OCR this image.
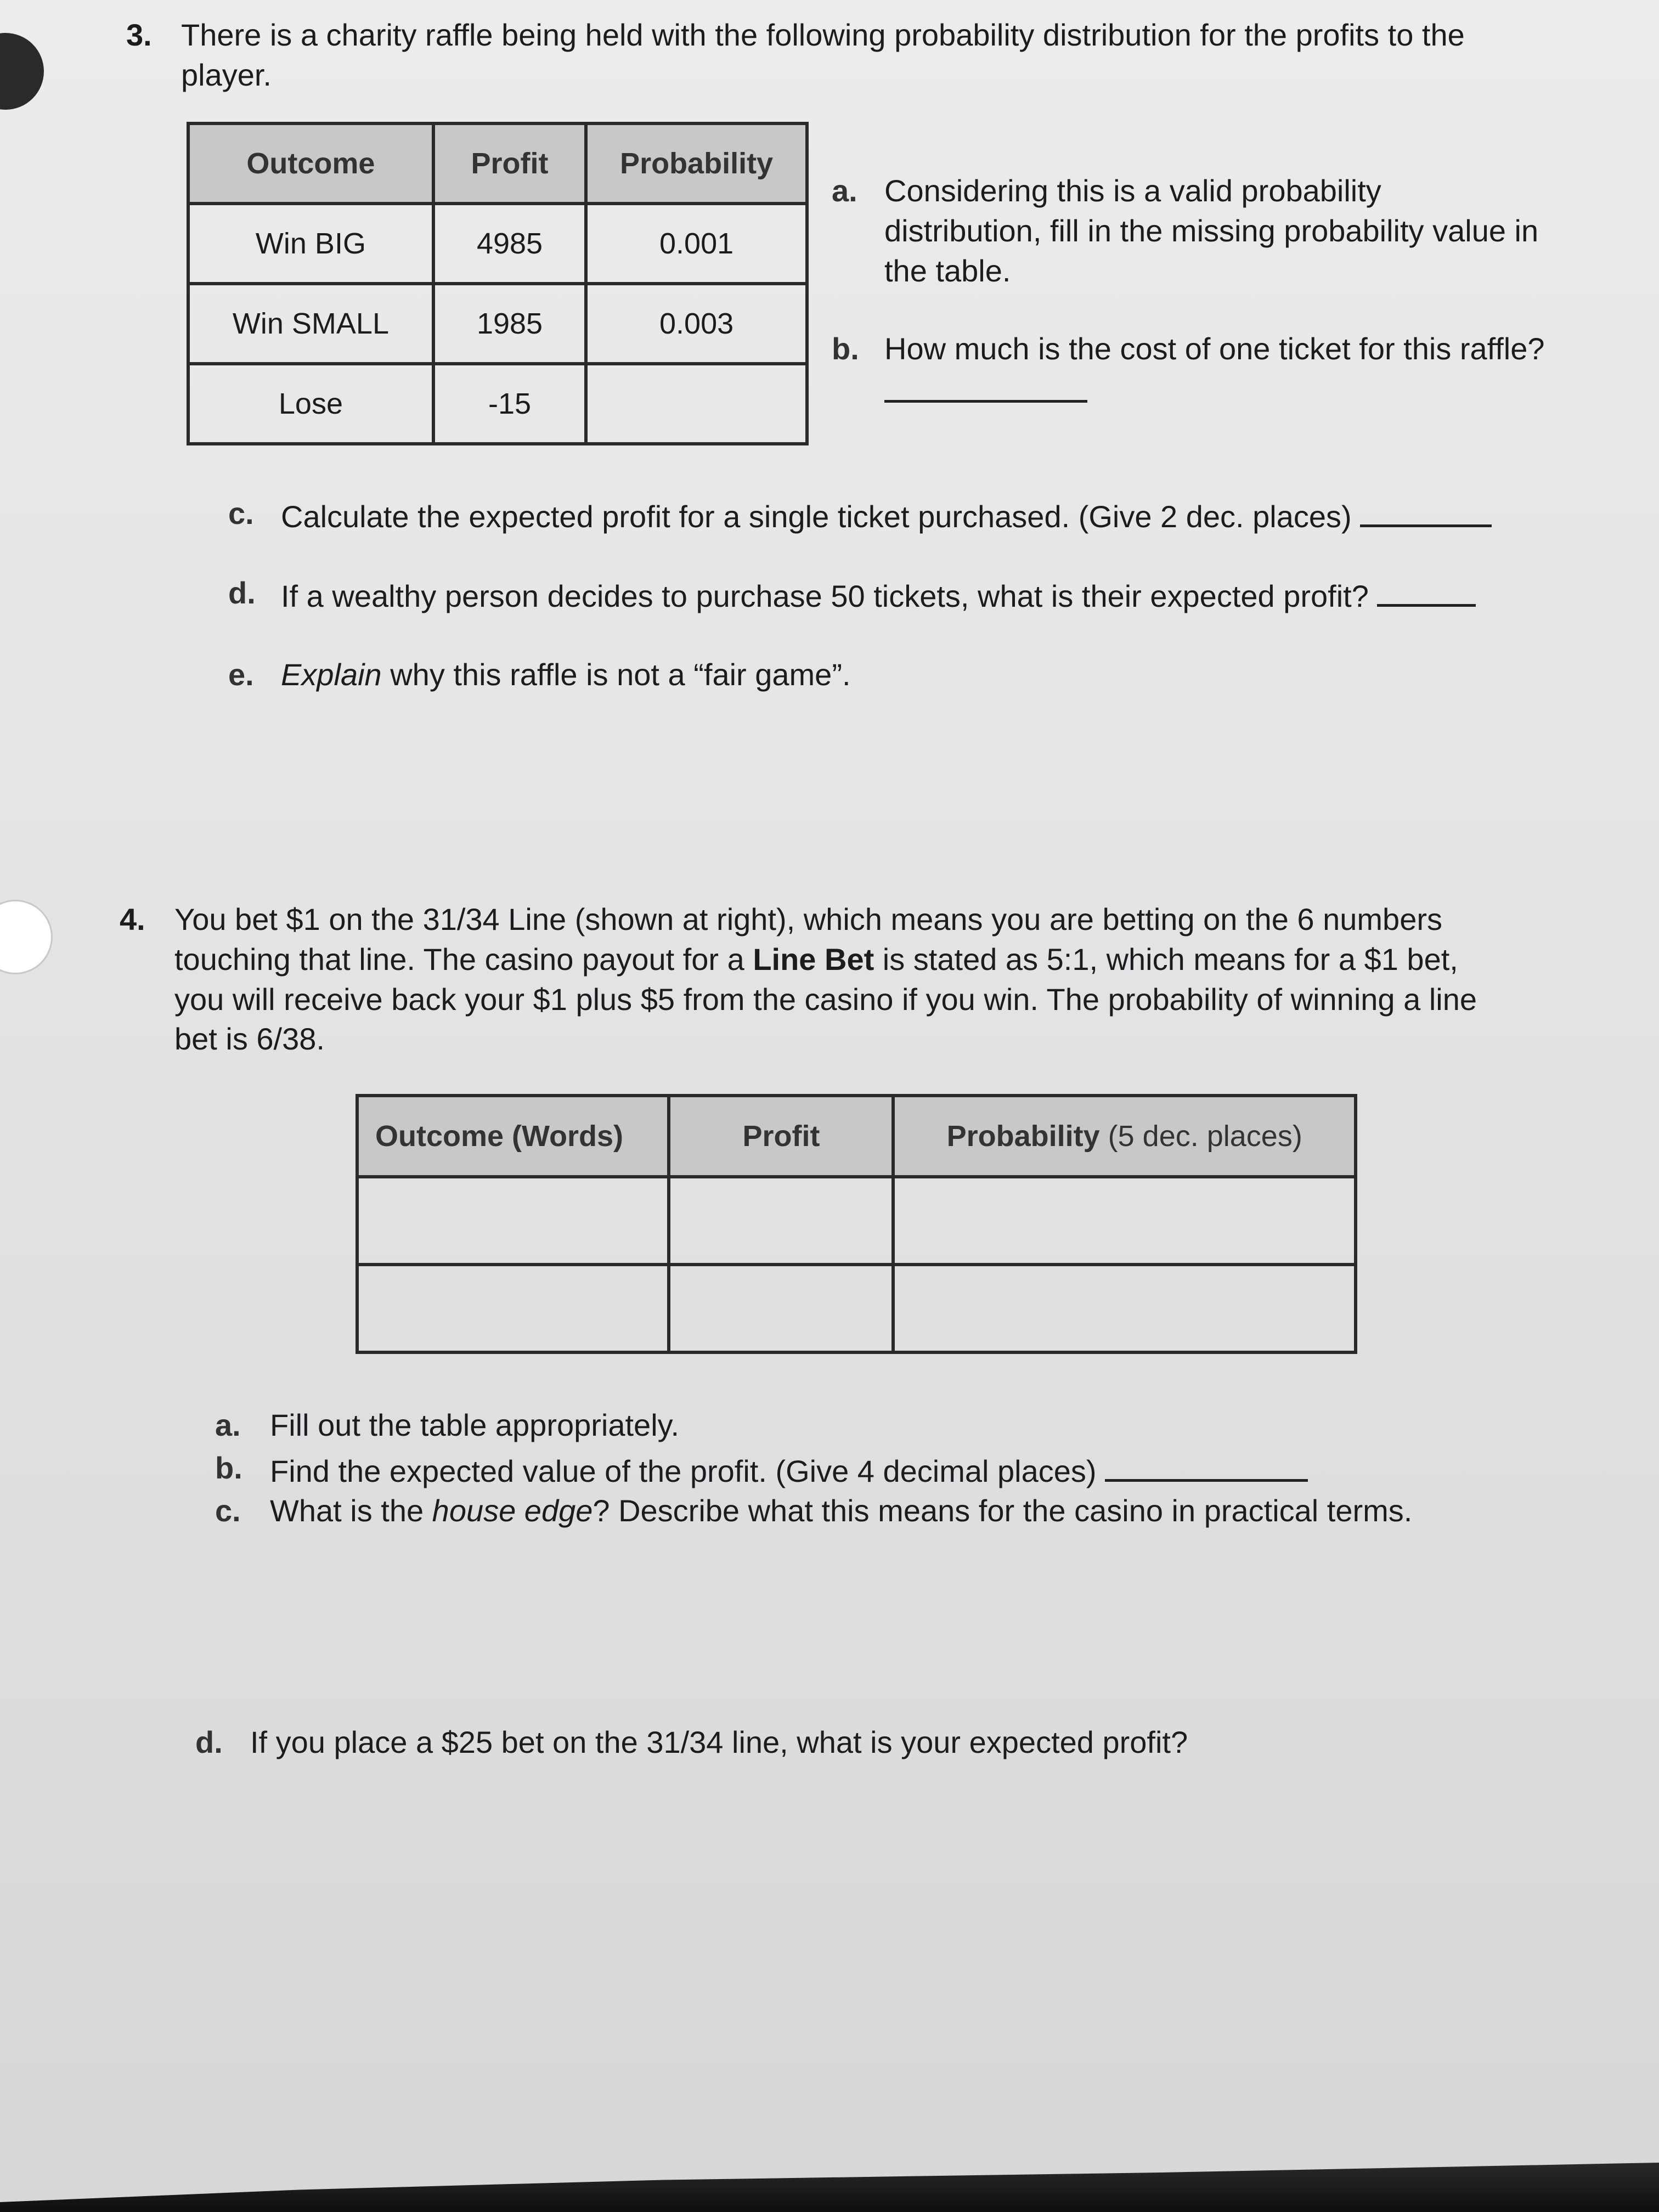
3. There is a charity raffle being held with the following probability distribution for the profits to the player.
Outcome	Profit	Probability
Win BIG	4985	0.001
Win SMALL	1985	0.003
Lose	-15	
a. Considering this is a valid probability distribution, fill in the missing probability value in the table.
b. How much is the cost of one ticket for this raffle?
c. Calculate the expected profit for a single ticket purchased. (Give 2 dec. places)
d. If a wealthy person decides to purchase 50 tickets, what is their expected profit?
e. Explain why this raffle is not a “fair game”.
4. You bet $1 on the 31/34 Line (shown at right), which means you are betting on the 6 numbers touching that line. The casino payout for a Line Bet is stated as 5:1, which means for a $1 bet, you will receive back your $1 plus $5 from the casino if you win. The probability of winning a line bet is 6/38.
Outcome (Words)	Profit	Probability (5 dec. places)

a. Fill out the table appropriately.
b. Find the expected value of the profit. (Give 4 decimal places)
c. What is the house edge? Describe what this means for the casino in practical terms.
d. If you place a $25 bet on the 31/34 line, what is your expected profit?
